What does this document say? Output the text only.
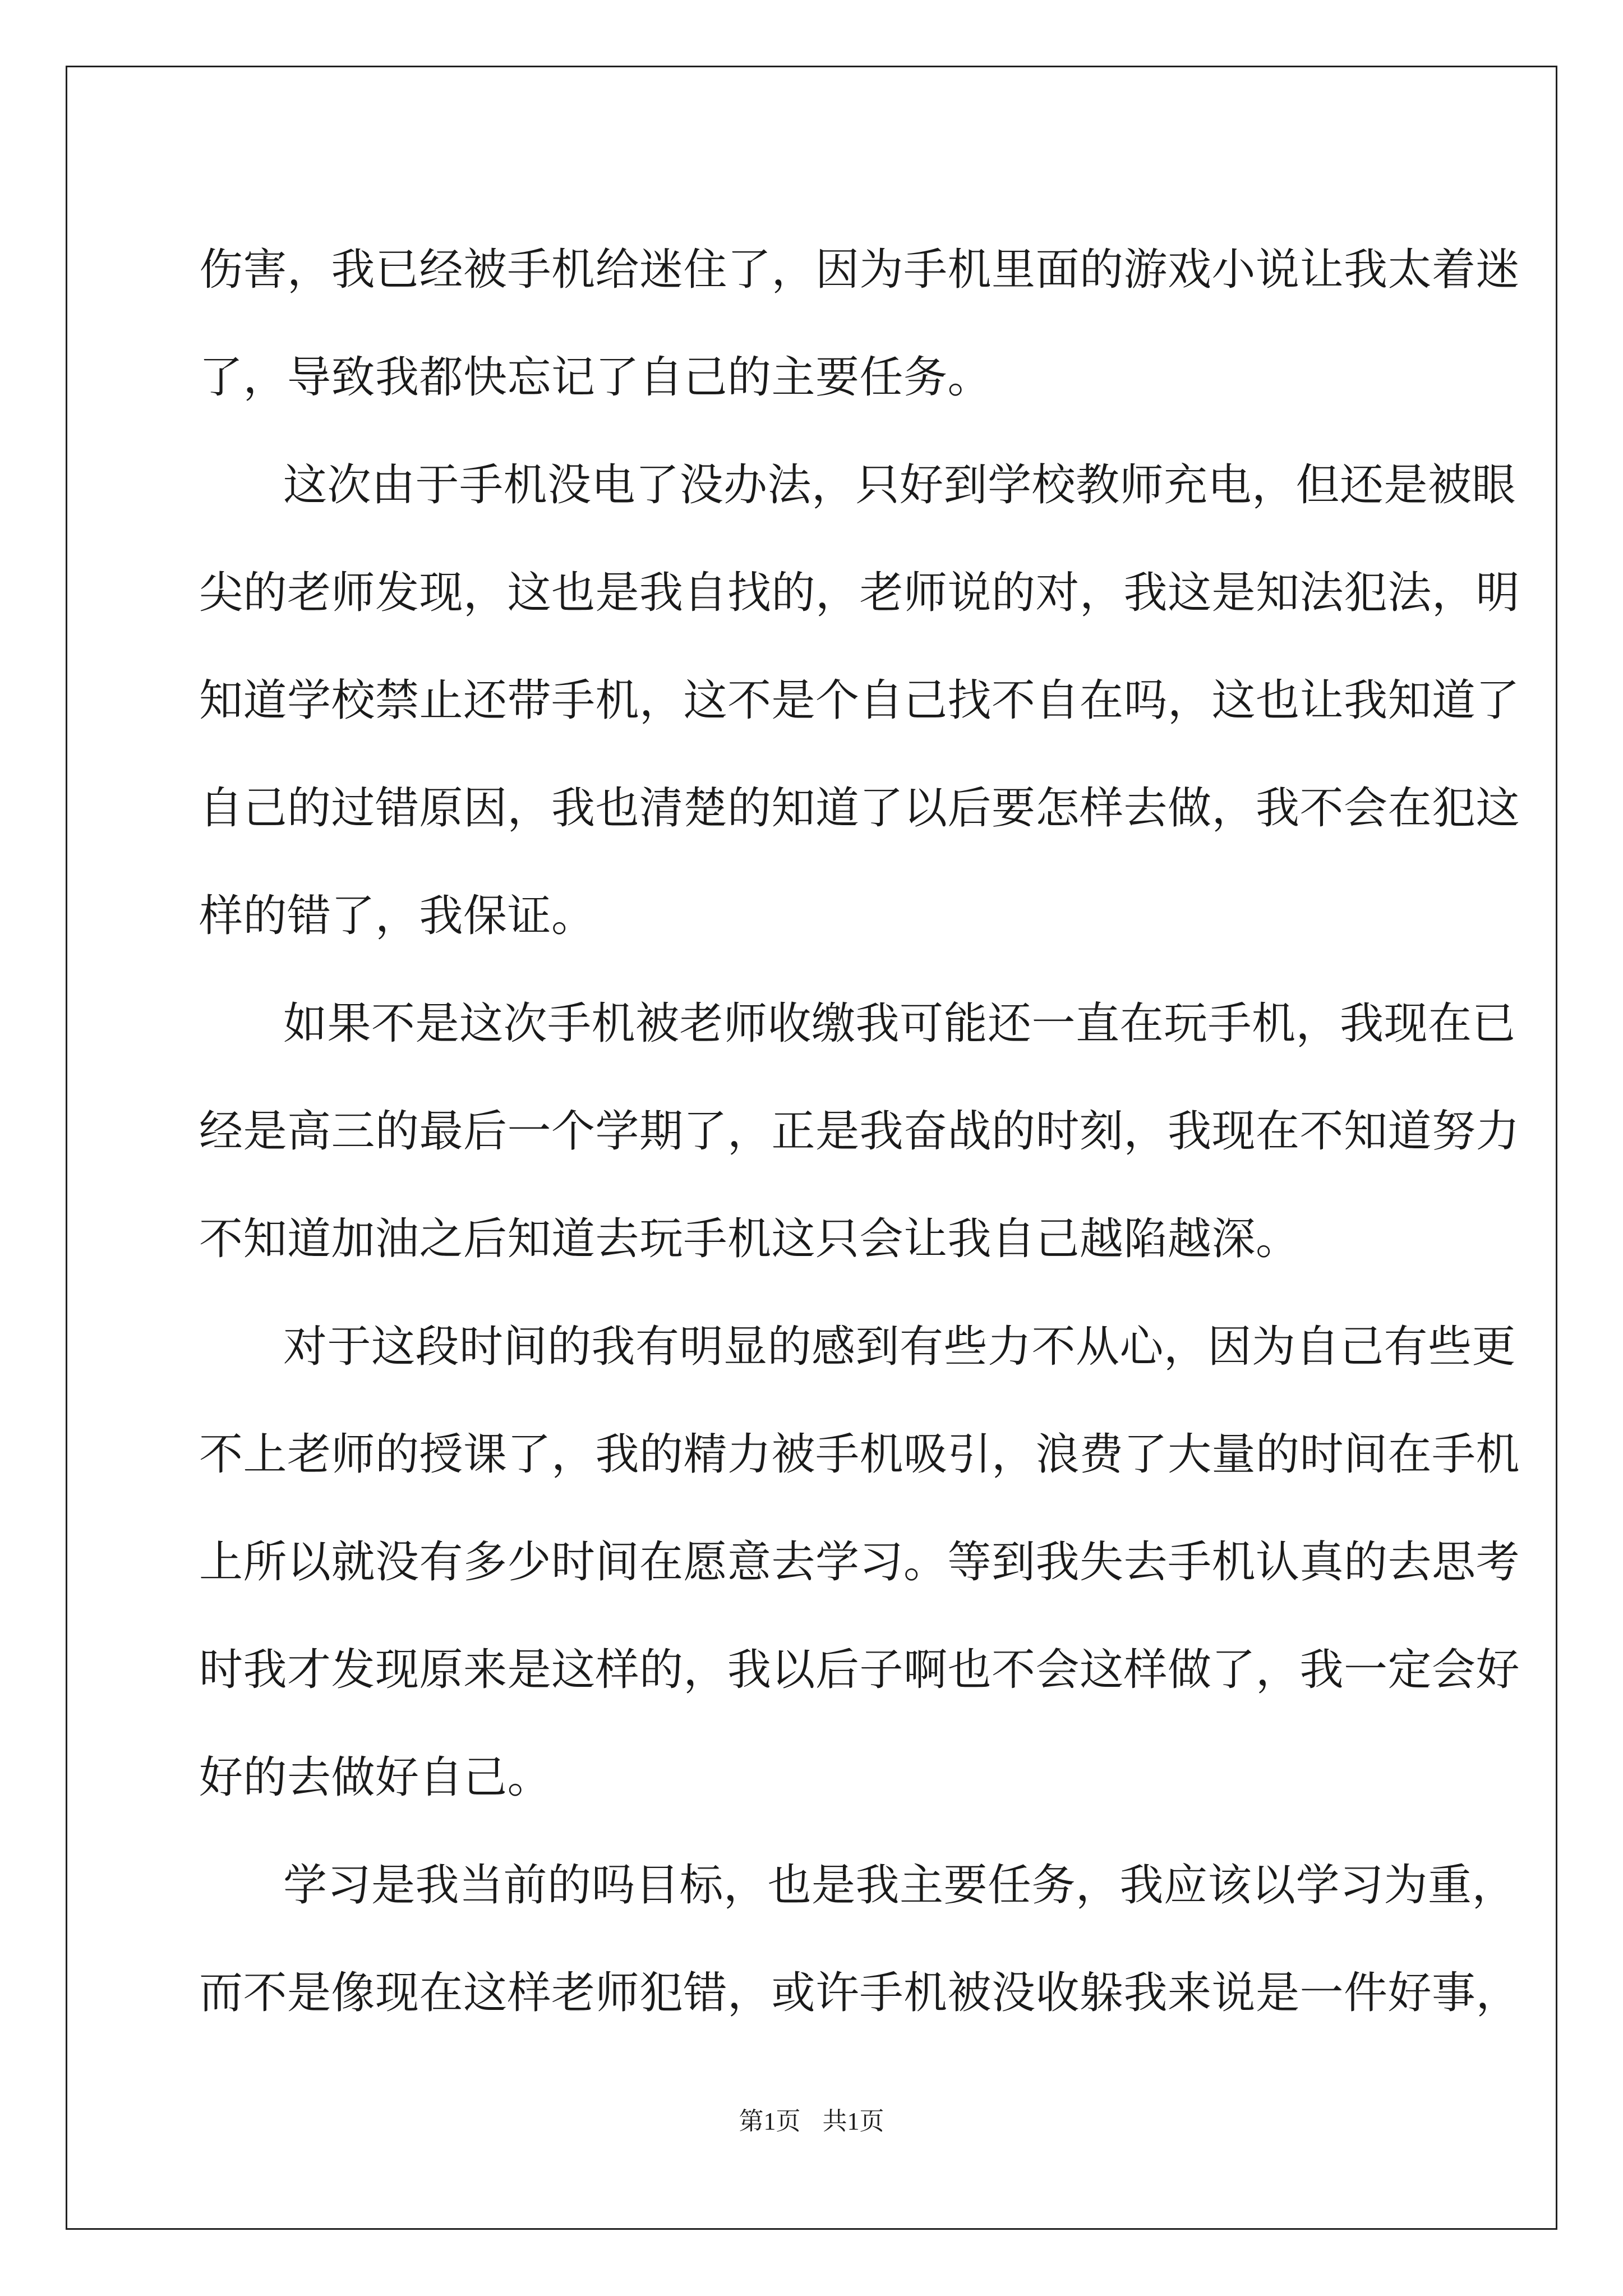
伤害，我已经被手机给迷住了，因为手机里面的游戏小说让我太着迷
了，导致我都快忘记了自己的主要任务。
这次由于手机没电了没办法，只好到学校教师充电，但还是被眼
尖的老师发现，这也是我自找的，老师说的对，我这是知法犯法，明
知道学校禁止还带手机，这不是个自己找不自在吗，这也让我知道了
自己的过错原因，我也清楚的知道了以后要怎样去做，我不会在犯这
样的错了，我保证。
如果不是这次手机被老师收缴我可能还一直在玩手机，我现在已
经是高三的最后一个学期了，正是我奋战的时刻，我现在不知道努力
不知道加油之后知道去玩手机这只会让我自己越陷越深。
对于这段时间的我有明显的感到有些力不从心，因为自己有些更
不上老师的授课了，我的精力被手机吸引，浪费了大量的时间在手机
上所以就没有多少时间在愿意去学习。等到我失去手机认真的去思考
时我才发现原来是这样的，我以后子啊也不会这样做了，我一定会好
好的去做好自己。
学习是我当前的吗目标，也是我主要任务，我应该以学习为重，
而不是像现在这样老师犯错，或许手机被没收躲我来说是一件好事，
第1页 共1页
